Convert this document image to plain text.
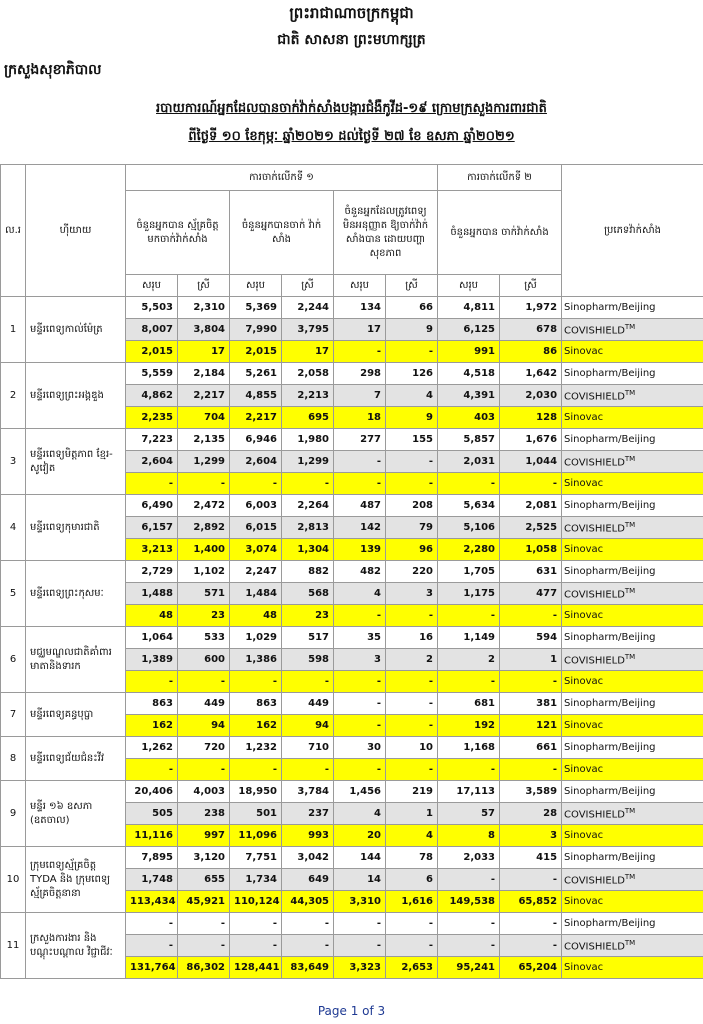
ព្រះរាជាណាចក្រកម្ពុជា
ជាតិ សាសនា ព្រះមហាក្សត្រ
ក្រសួងសុខាភិបាល
របាយការណ៍អ្នកដែលបានចាក់វ៉ាក់សាំងបង្ការជំងឺកូវីដ-១៩ ក្រោមក្រសួងការពារជាតិ
ពីថ្ងៃទី ១០ ខែកុម្ភៈ ឆ្នាំ២០២១ ដល់ថ្ងៃទី ២៧ ខែ ឧសភា ឆ្នាំ២០២១
ល.រ	ហ៊ីយាយ	ការចាក់លើកទី ១						ការចាក់លើកទី ២		ប្រភេទវ៉ាក់សាំង
		ចំនួនអ្នកបាន ស្ម័គ្រចិត្ត មកចាក់វ៉ាក់សាំង		ចំនួនអ្នកបានចាក់ វ៉ាក់សាំង		ចំនួនអ្នកដែលត្រូវពេទ្យ មិនអនុញ្ញាត ឱ្យចាក់វ៉ាក់សាំងបាន ដោយបញ្ហា សុខភាព		ចំនួនអ្នកបាន ចាក់វ៉ាក់សាំង		
		សរុប	ស្រី	សរុប	ស្រី	សរុប	ស្រី	សរុប	ស្រី	

1	មន្ទីរពេទ្យកាល់ម៉ែត្រ	5,503	2,310	5,369	2,244	134	66	4,811	1,972	Sinopharm/Beijing
		8,007	3,804	7,990	3,795	17	9	6,125	678	COVISHIELD™
		2,015	17	2,015	17	-	-	991	86	Sinovac
2	មន្ទីរពេទ្យព្រះអង្គឌួង	5,559	2,184	5,261	2,058	298	126	4,518	1,642	Sinopharm/Beijing
		4,862	2,217	4,855	2,213	7	4	4,391	2,030	COVISHIELD™
		2,235	704	2,217	695	18	9	403	128	Sinovac
3	មន្ទីរពេទ្យមិត្តភាព ខ្មែរ-សូវៀត	7,223	2,135	6,946	1,980	277	155	5,857	1,676	Sinopharm/Beijing
		2,604	1,299	2,604	1,299	-	-	2,031	1,044	COVISHIELD™
		-	-	-	-	-	-	-	-	Sinovac
4	មន្ទីរពេទ្យកុមារជាតិ	6,490	2,472	6,003	2,264	487	208	5,634	2,081	Sinopharm/Beijing
		6,157	2,892	6,015	2,813	142	79	5,106	2,525	COVISHIELD™
		3,213	1,400	3,074	1,304	139	96	2,280	1,058	Sinovac
5	មន្ទីរពេទ្យព្រះកុសមៈ	2,729	1,102	2,247	882	482	220	1,705	631	Sinopharm/Beijing
		1,488	571	1,484	568	4	3	1,175	477	COVISHIELD™
		48	23	48	23	-	-	-	-	Sinovac
6	មជ្ឈមណ្ឌលជាតិគាំពារ មាតានិងទារក	1,064	533	1,029	517	35	16	1,149	594	Sinopharm/Beijing
		1,389	600	1,386	598	3	2	2	1	COVISHIELD™
		-	-	-	-	-	-	-	-	Sinovac
7	មន្ទីរពេទ្យគន្ធបុប្ផា	863	449	863	449	-	-	681	381	Sinopharm/Beijing
		162	94	162	94	-	-	192	121	Sinovac
8	មន្ទីរពេទ្យជ័យជំនះវីវ	1,262	720	1,232	710	30	10	1,168	661	Sinopharm/Beijing
		-	-	-	-	-	-	-	-	Sinovac
9	មន្ទីរ ១៦ ឧសភា (ឧតចាល)	20,406	4,003	18,950	3,784	1,456	219	17,113	3,589	Sinopharm/Beijing
		505	238	501	237	4	1	57	28	COVISHIELD™
		11,116	997	11,096	993	20	4	8	3	Sinovac
10	ក្រុមពេទ្យស្ម័គ្រចិត្ត TYDA និង ក្រុមពេទ្យ ស្ម័គ្រចិត្តនានា	7,895	3,120	7,751	3,042	144	78	2,033	415	Sinopharm/Beijing
		1,748	655	1,734	649	14	6	-	-	COVISHIELD™
		113,434	45,921	110,124	44,305	3,310	1,616	149,538	65,852	Sinovac
11	ក្រសួងការងារ និង បណ្តុះបណ្តាល វិជ្ជាជីវៈ	-	-	-	-	-	-	-	-	Sinopharm/Beijing
		-	-	-	-	-	-	-	-	COVISHIELD™
		131,764	86,302	128,441	83,649	3,323	2,653	95,241	65,204	Sinovac
Page 1 of 3
